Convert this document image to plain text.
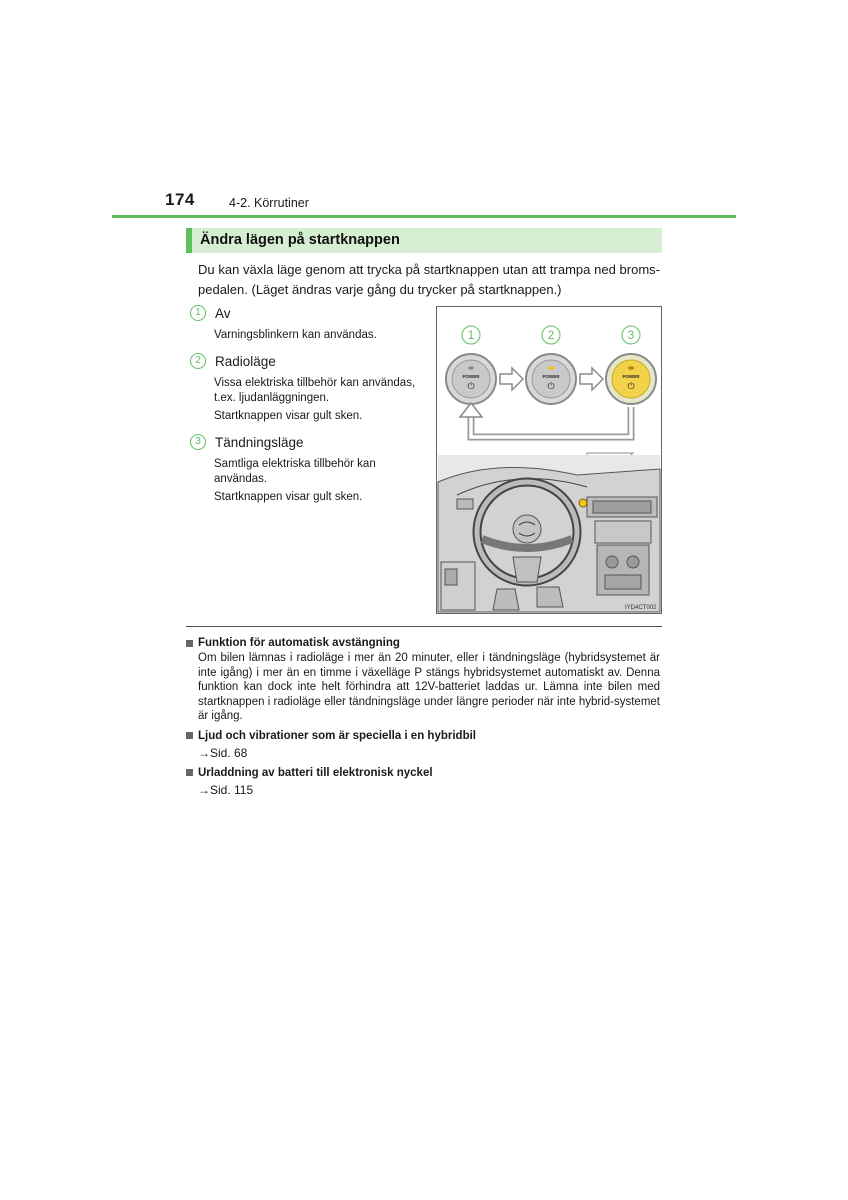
174	4-2. Körrutiner
Ändra lägen på startknappen
Du kan växla läge genom att trycka på startknappen utan att trampa ned broms-pedalen. (Läget ändras varje gång du trycker på startknappen.)
1	Av
Varningsblinkern kan användas.
2	Radioläge
Vissa elektriska tillbehör kan användas, t.ex. ljudanläggningen.
Startknappen visar gult sken.
3	Tändningsläge
Samtliga elektriska tillbehör kan användas.
Startknappen visar gult sken.
1	2	3
POWER
⏻
POWER
⏻
POWER
⏻
IYD4CT002
Funktion för automatisk avstängning
Om bilen lämnas i radioläge i mer än 20 minuter, eller i tändningsläge (hybridsystemet är inte igång) i mer än en timme i växelläge P stängs hybridsystemet automatiskt av. Denna funktion kan dock inte helt förhindra att 12V-batteriet laddas ur. Lämna inte bilen med startknappen i radioläge eller tändningsläge under längre perioder när inte hybrid-systemet är igång.
Ljud och vibrationer som är speciella i en hybridbil
→Sid. 68
Urladdning av batteri till elektronisk nyckel
→Sid. 115
